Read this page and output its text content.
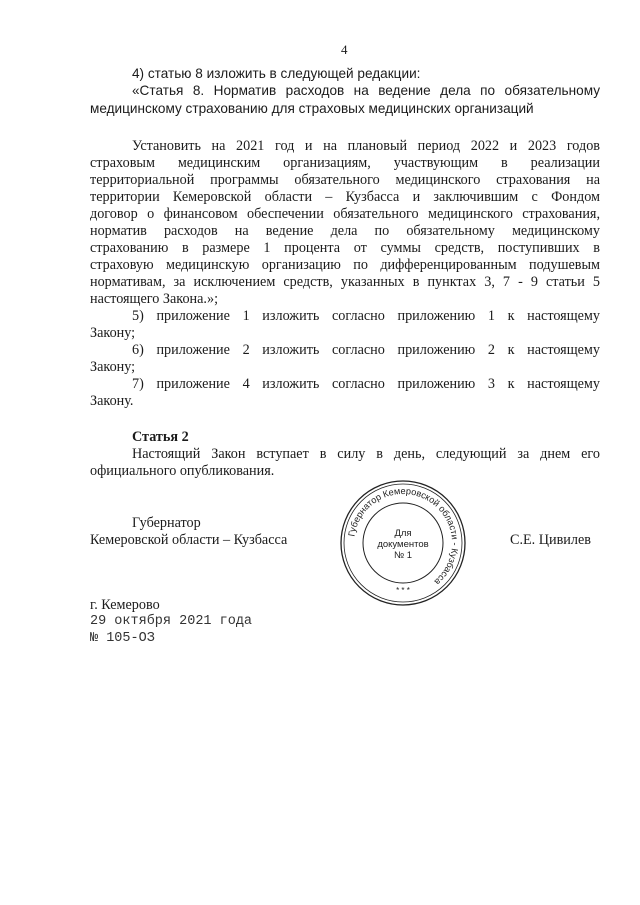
4
4) статью 8 изложить в следующей редакции:
«Статья 8. Норматив расходов на ведение дела по обязательному
медицинскому страхованию для страховых медицинских организаций
Установить на 2021 год и на плановый период 2022 и 2023 годов
страховым медицинским организациям, участвующим в реализации
территориальной программы обязательного медицинского страхования на
территории Кемеровской области – Кузбасса и заключившим с Фондом
договор о финансовом обеспечении обязательного медицинского страхования,
норматив расходов на ведение дела по обязательному медицинскому
страхованию в размере 1 процента от суммы средств, поступивших в
страховую медицинскую организацию по дифференцированным подушевым
нормативам, за исключением средств, указанных в пунктах 3, 7 - 9 статьи 5
настоящего Закона.»;
5) приложение 1 изложить согласно приложению 1 к настоящему
Закону;
6) приложение 2 изложить согласно приложению 2 к настоящему
Закону;
7) приложение 4 изложить согласно приложению 3 к настоящему
Закону.
Статья 2
Настоящий Закон вступает в силу в день, следующий за днем его
официального опубликования.
Губернатор
Кемеровской области – Кузбасса	С.Е. Цивилев
Губернатор Кемеровской области - Кузбасса
Для
документов
№ 1
* * *
г. Кемерово
29 октября 2021 года
№ 105-ОЗ
